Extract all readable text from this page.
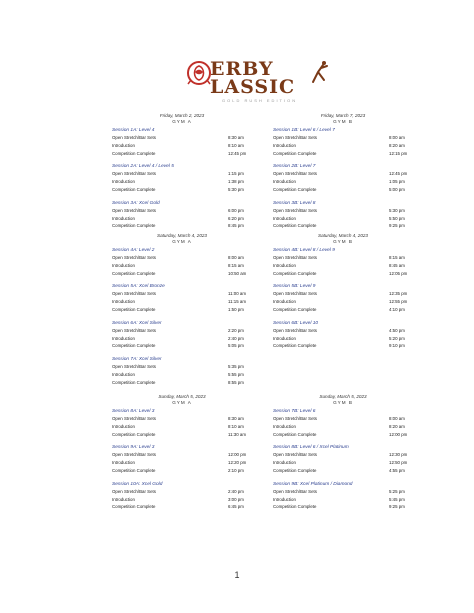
ERBY
LASSIC
GOLD RUSH EDITION
Friday, March 2, 2023
GYM A
Session 1A: Level 4
Open Stretch/Bar Sets	8:30 am
Introduction	8:10 am
Competition Complete	12:45 pm
Session 2A: Level 4 / Level 5
Open Stretch/Bar Sets	1:15 pm
Introduction	1:38 pm
Competition Complete	5:30 pm
Session 3A: Xcel Gold
Open Stretch/Bar Sets	6:00 pm
Introduction	6:20 pm
Competition Complete	8:45 pm
Friday, March 7, 2023
GYM B
Session 1B: Level 6 / Level 7
Open Stretch/Bar Sets	8:00 am
Introduction	8:20 am
Competition Complete	12:15 pm
Session 2B: Level 7
Open Stretch/Bar Sets	12:45 pm
Introduction	1:05 pm
Competition Complete	5:00 pm
Session 3B: Level 8
Open Stretch/Bar Sets	5:30 pm
Introduction	5:50 pm
Competition Complete	9:25 pm
Saturday, March 4, 2023
GYM A
Session 4A: Level 2
Open Stretch/Bar Sets	8:00 am
Introduction	8:15 am
Competition Complete	10:50 am
Session 5A: Xcel Bronze
Open Stretch/Bar Sets	11:00 am
Introduction	11:15 am
Competition Complete	1:50 pm
Session 6A: Xcel Silver
Open Stretch/Bar Sets	2:20 pm
Introduction	2:40 pm
Competition Complete	5:05 pm
Session 7A: Xcel Silver
Open Stretch/Bar Sets	5:35 pm
Introduction	5:55 pm
Competition Complete	8:55 pm
Saturday, March 4, 2023
GYM B
Session 4B: Level 8 / Level 9
Open Stretch/Bar Sets	8:15 am
Introduction	8:45 am
Competition Complete	12:05 pm
Session 5B: Level 9
Open Stretch/Bar Sets	12:35 pm
Introduction	12:55 pm
Competition Complete	4:10 pm
Session 6B: Level 10
Open Stretch/Bar Sets	4:50 pm
Introduction	5:20 pm
Competition Complete	9:10 pm
Sunday, March 5, 2023
GYM A
Session 8A: Level 3
Open Stretch/Bar Sets	8:30 am
Introduction	8:10 am
Competition Complete	11:30 am
Session 9A: Level 3
Open Stretch/Bar Sets	12:00 pm
Introduction	12:20 pm
Competition Complete	2:10 pm
Session 10A: Xcel Gold
Open Stretch/Bar Sets	2:40 pm
Introduction	3:00 pm
Competition Complete	6:45 pm
Sunday, March 5, 2023
GYM B
Session 7B: Level 6
Open Stretch/Bar Sets	8:00 am
Introduction	8:20 am
Competition Complete	12:00 pm
Session 8B: Level 6 / Xcel Platinum
Open Stretch/Bar Sets	12:30 pm
Introduction	12:50 pm
Competition Complete	4:55 pm
Session 9B: Xcel Platinum / Diamond
Open Stretch/Bar Sets	5:25 pm
Introduction	5:45 pm
Competition Complete	9:25 pm
1
